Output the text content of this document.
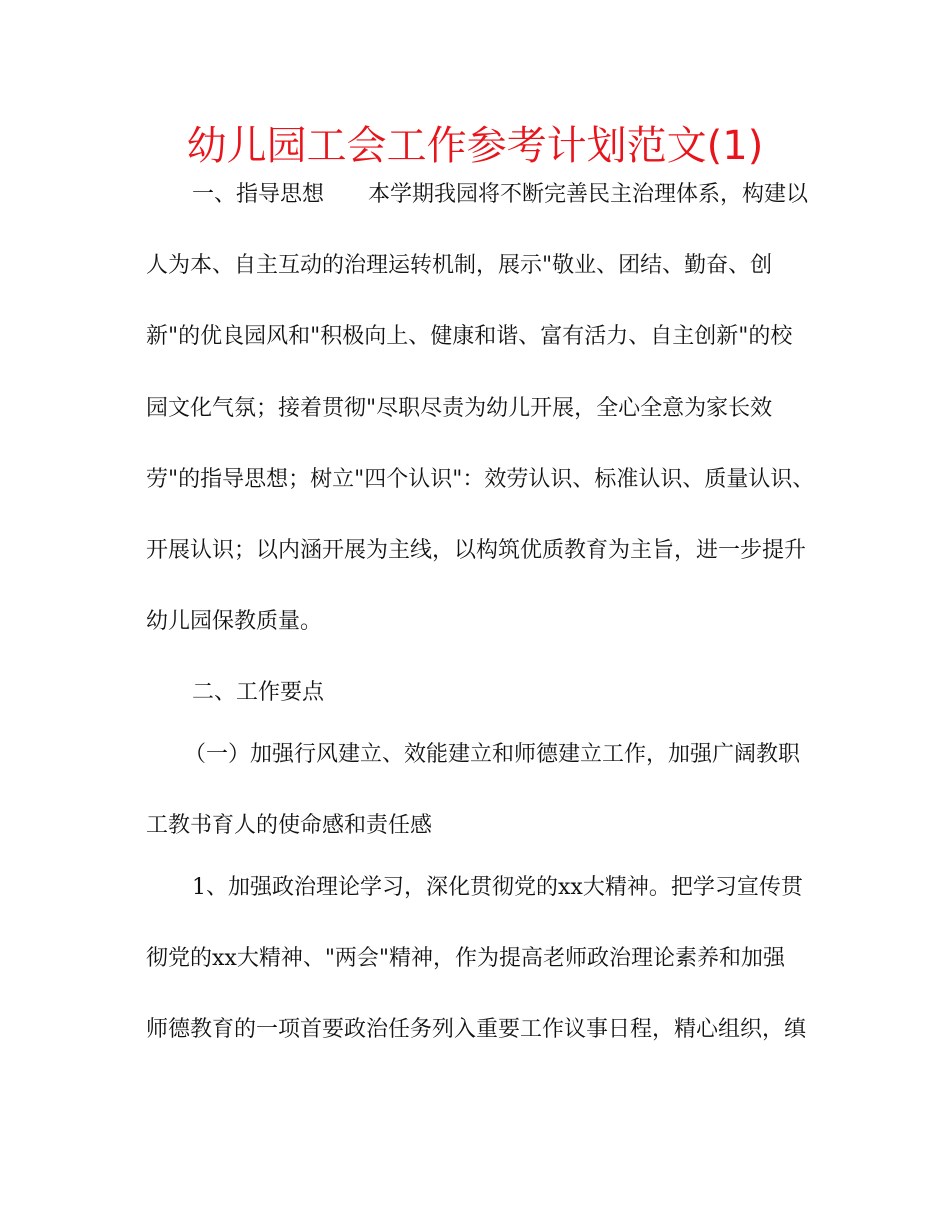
幼儿园工会工作参考计划范文(1)
一、指导思想　　本学期我园将不断完善民主治理体系，构建以
人为本、自主互动的治理运转机制，展示"敬业、团结、勤奋、创
新"的优良园风和"积极向上、健康和谐、富有活力、自主创新"的校
园文化气氛；接着贯彻"尽职尽责为幼儿开展，全心全意为家长效
劳"的指导思想；树立"四个认识"：效劳认识、标准认识、质量认识、
开展认识；以内涵开展为主线，以构筑优质教育为主旨，进一步提升
幼儿园保教质量。
二、工作要点
（一）加强行风建立、效能建立和师德建立工作，加强广阔教职
工教书育人的使命感和责任感
1、加强政治理论学习，深化贯彻党的xx大精神。把学习宣传贯
彻党的xx大精神、"两会"精神，作为提高老师政治理论素养和加强
师德教育的一项首要政治任务列入重要工作议事日程，精心组织，缜
